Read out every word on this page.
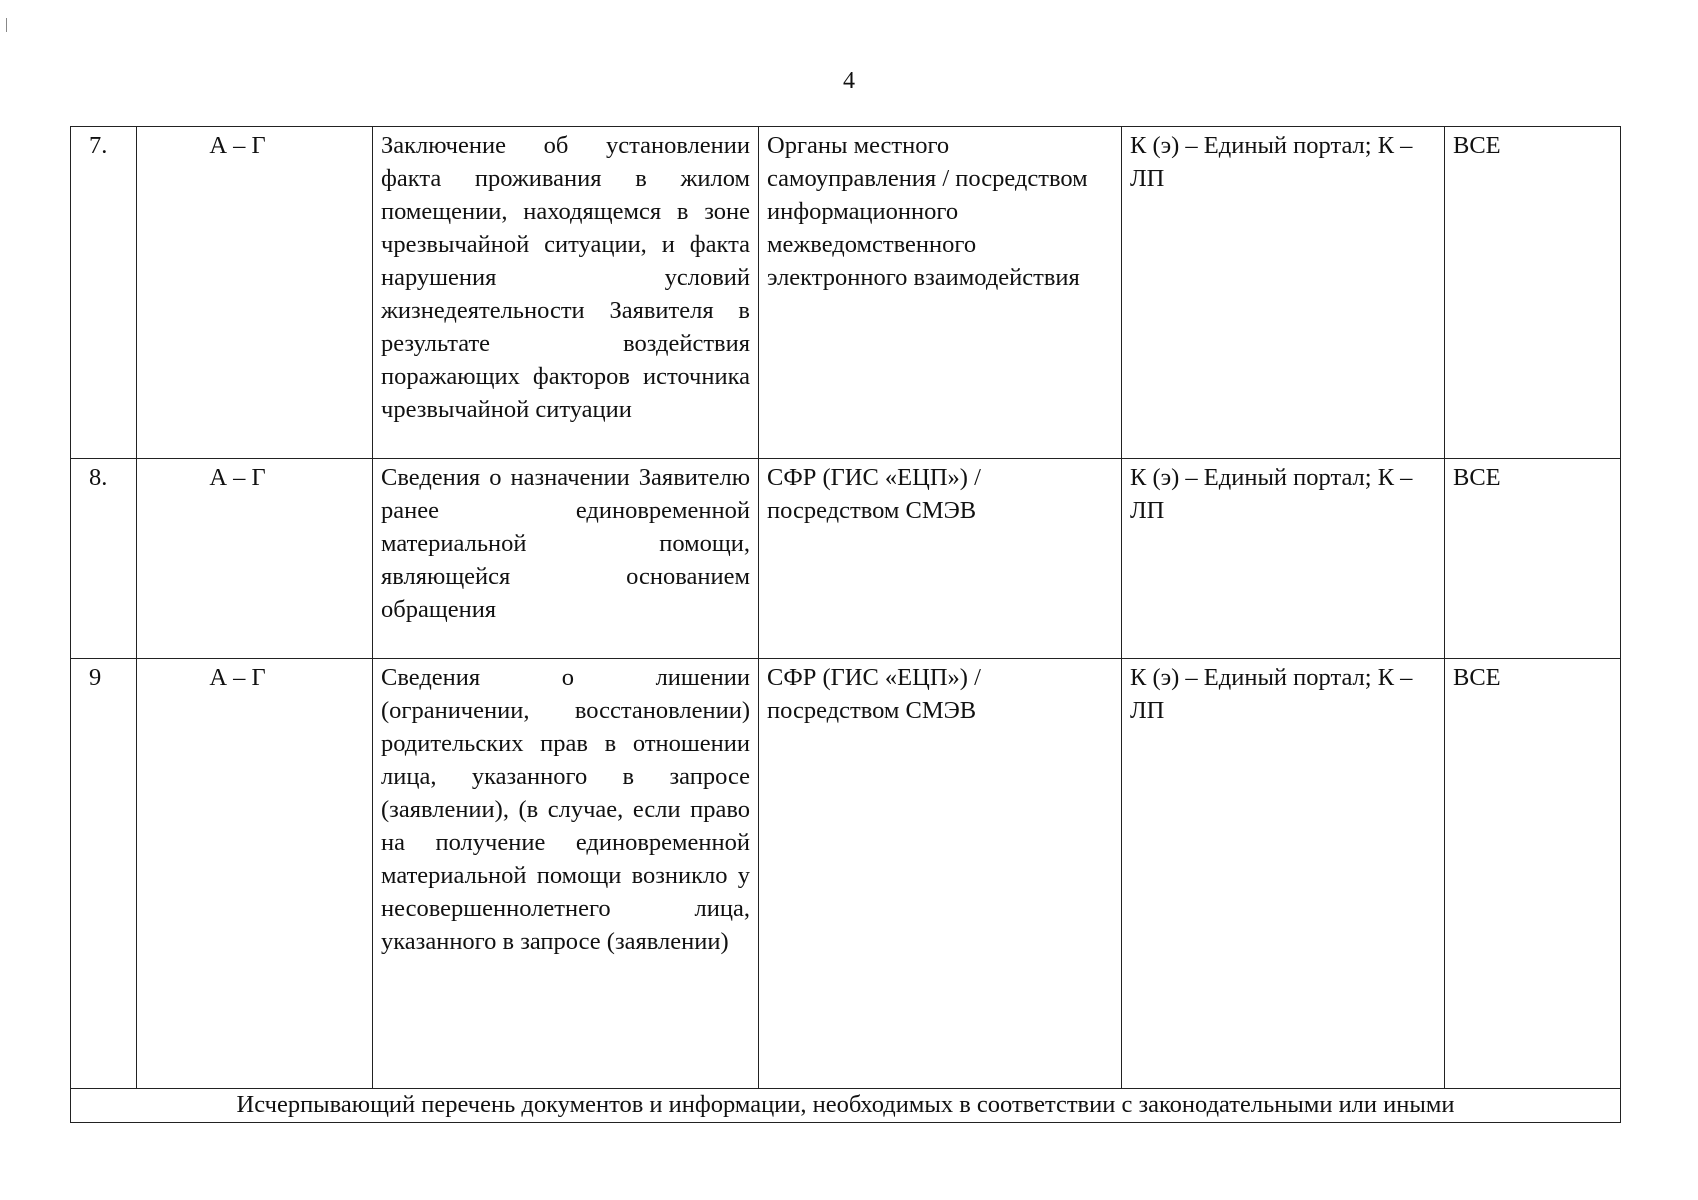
4
7.	А – Г	Заключение об установлении факта проживания в жилом помещении, находящемся в зоне чрезвычайной ситуации, и факта нарушения условий жизнедеятельности Заявителя в результате воздействия поражающих факторов источника чрезвычайной ситуации	Органы местного самоуправления / посредством информационного межведомственного электронного взаимодействия	К (э) – Единый портал; К – ЛП	ВСЕ
8.	А – Г	Сведения о назначении Заявителю ранее единовременной материальной помощи, являющейся основанием обращения	СФР (ГИС «ЕЦП») /посредством СМЭВ	К (э) – Единый портал; К – ЛП	ВСЕ
9	А – Г	Сведения о лишении (ограничении, восстановлении) родительских прав в отношении лица, указанного в запросе (заявлении), (в случае, если право на получение единовременной материальной помощи возникло у несовершеннолетнего лица, указанного в запросе (заявлении)	СФР (ГИС «ЕЦП») /посредством СМЭВ	К (э) – Единый портал; К – ЛП	ВСЕ
Исчерпывающий перечень документов и информации, необходимых в соответствии с законодательными или иными					
